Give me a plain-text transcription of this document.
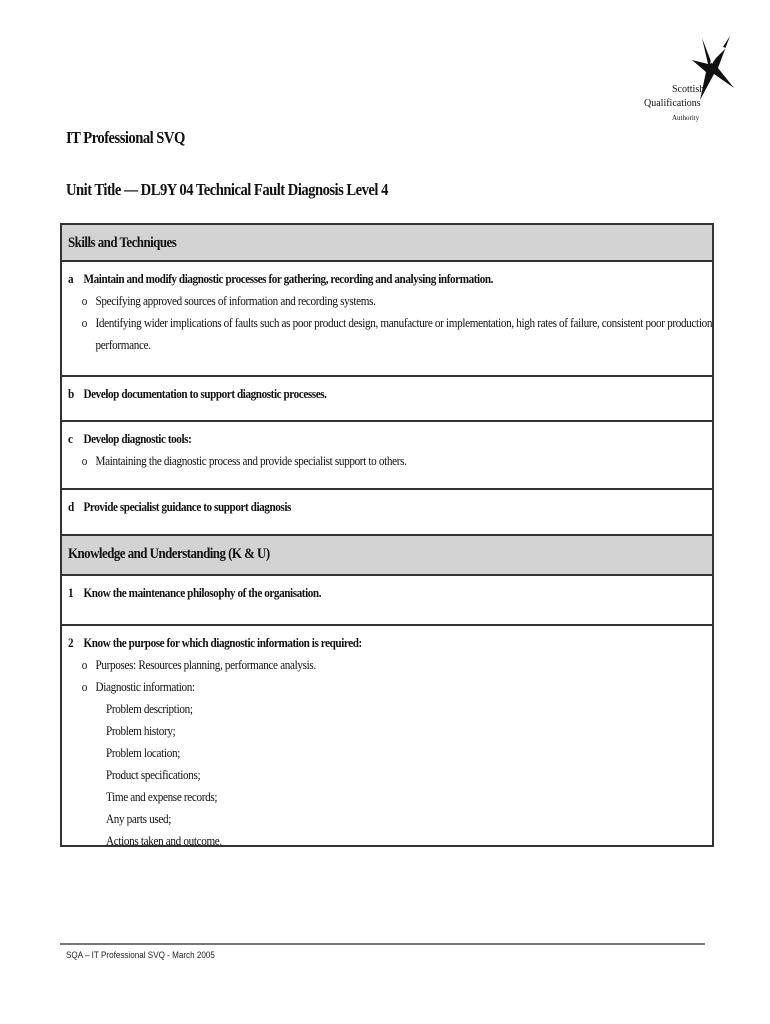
Scottish
Qualifications
Authority
IT Professional SVQ
Unit Title –– DL9Y 04 Technical Fault Diagnosis Level 4
Skills and Techniques
a Maintain and modify diagnostic processes for gathering, recording and analysing information.
o Specifying approved sources of information and recording systems.
o Identifying wider implications of faults such as poor product design, manufacture or implementation, high rates of failure, consistent poor production performance.
b Develop documentation to support diagnostic processes.
c Develop diagnostic tools:
o Maintaining the diagnostic process and provide specialist support to others.
d Provide specialist guidance to support diagnosis
Knowledge and Understanding (K & U)
1 Know the maintenance philosophy of the organisation.
2 Know the purpose for which diagnostic information is required:
o Purposes: Resources planning, performance analysis.
o Diagnostic information:
Problem description;
Problem history;
Problem location;
Product specifications;
Time and expense records;
Any parts used;
Actions taken and outcome.
SQA – IT Professional SVQ - March 2005
